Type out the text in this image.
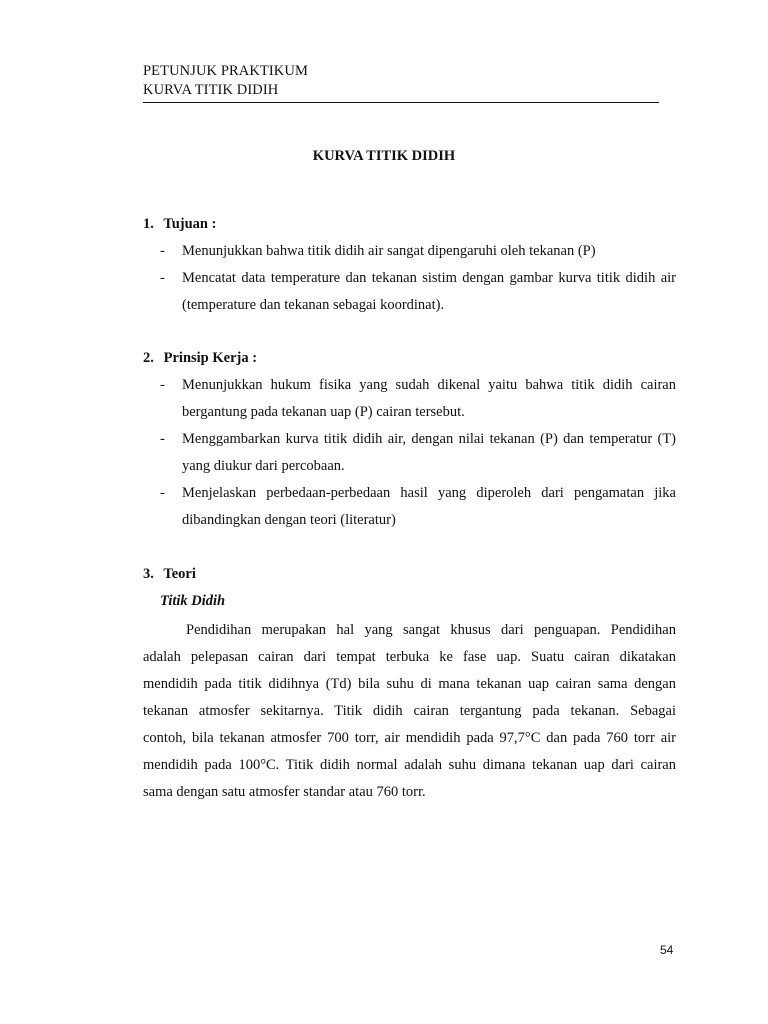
PETUNJUK PRAKTIKUM
KURVA TITIK DIDIH
KURVA TITIK DIDIH
1. Tujuan :
-	Menunjukkan bahwa titik didih air sangat dipengaruhi oleh tekanan (P)
-	Mencatat data temperature dan tekanan sistim dengan gambar kurva titik didih air (temperature dan tekanan sebagai koordinat).
2. Prinsip Kerja :
-	Menunjukkan hukum fisika yang sudah dikenal yaitu bahwa titik didih cairan bergantung pada tekanan uap (P) cairan tersebut.
-	Menggambarkan kurva titik didih air, dengan nilai tekanan (P) dan temperatur (T) yang diukur dari percobaan.
-	Menjelaskan perbedaan-perbedaan hasil yang diperoleh dari pengamatan jika dibandingkan dengan teori (literatur)
3. Teori
Titik Didih
Pendidihan merupakan hal yang sangat khusus dari penguapan. Pendidihan
adalah pelepasan cairan dari tempat terbuka ke fase uap. Suatu cairan dikatakan
mendidih pada titik didihnya (Td) bila suhu di mana tekanan uap cairan sama dengan
tekanan atmosfer sekitarnya. Titik didih cairan tergantung pada tekanan. Sebagai
contoh, bila tekanan atmosfer 700 torr, air mendidih pada 97,7°C dan pada 760 torr air
mendidih pada 100°C. Titik didih normal adalah suhu dimana tekanan uap dari cairan
sama dengan satu atmosfer standar atau 760 torr.
54
